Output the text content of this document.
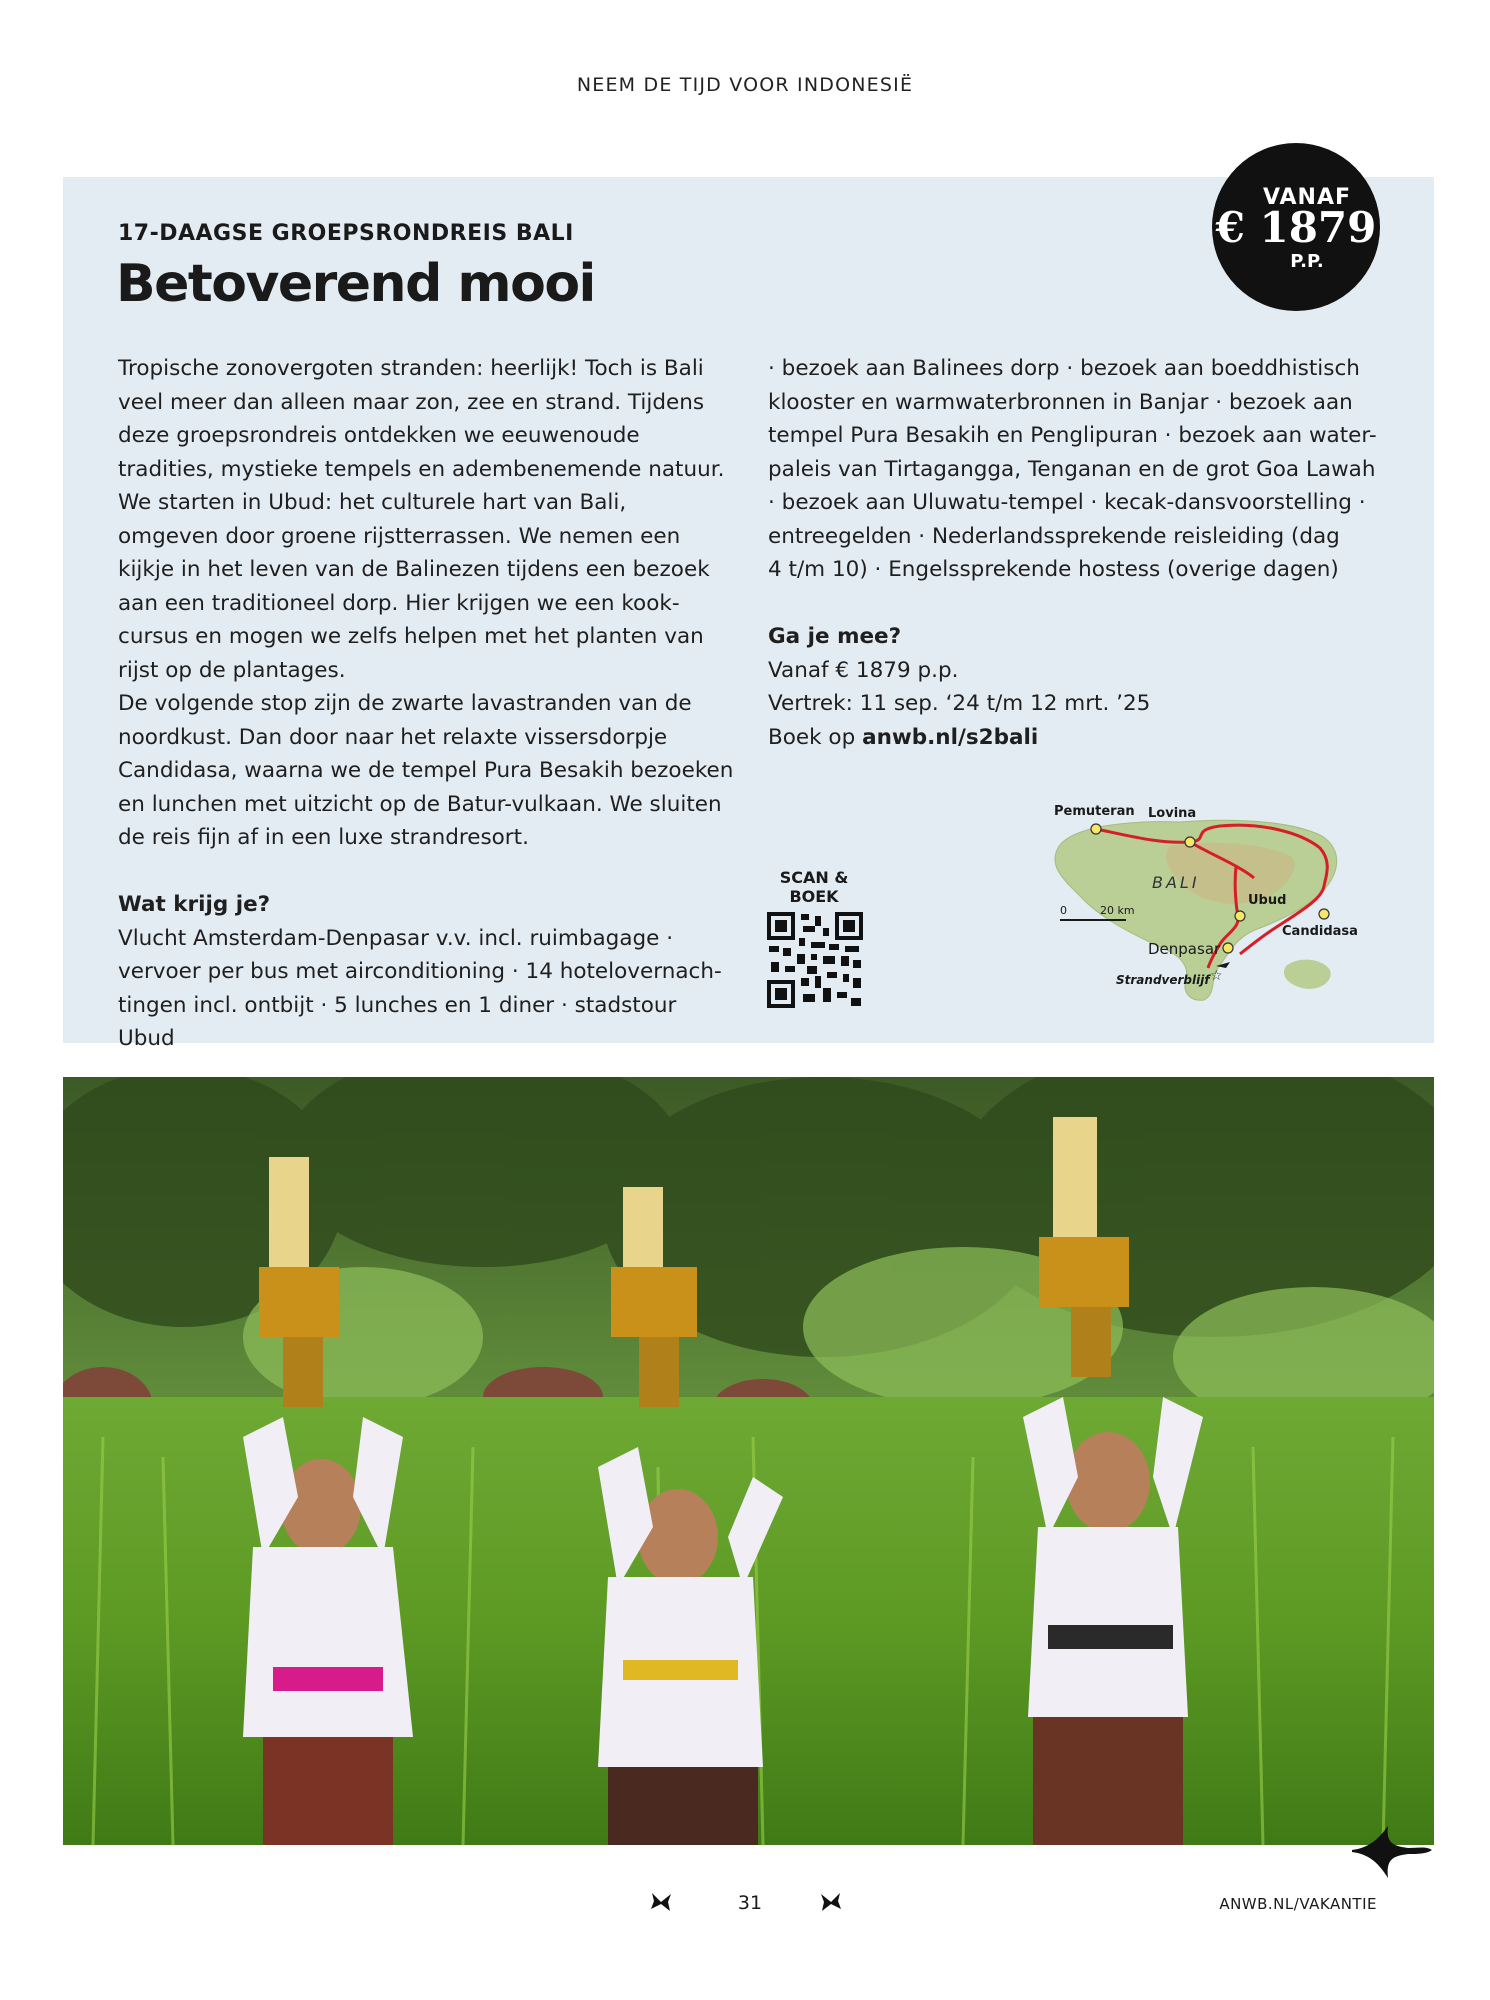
NEEM DE TIJD VOOR INDONESIË
VANAF
€ 1879
P.P.
17-DAAGSE GROEPSRONDREIS BALI
Betoverend mooi

Tropische zonovergoten stranden: heerlijk! Toch is Bali

veel meer dan alleen maar zon, zee en strand. Tijdens

deze groepsrondreis ontdekken we eeuwenoude

tradities, mystieke tempels en adembenemende natuur.

We starten in Ubud: het culturele hart van Bali,

omgeven door groene rijstterrassen. We nemen een

kijkje in het leven van de Balinezen tijdens een bezoek

aan een traditioneel dorp. Hier krijgen we een kook-

cursus en mogen we zelfs helpen met het planten van

rijst op de plantages.

De volgende stop zijn de zwarte lavastranden van de

noordkust. Dan door naar het relaxte vissersdorpje

Candidasa, waarna we de tempel Pura Besakih bezoeken

en lunchen met uitzicht op de Batur-vulkaan. We sluiten

de reis fijn af in een luxe strandresort.

Wat krijg je?

Vlucht Amsterdam-Denpasar v.v. incl. ruimbagage ·

vervoer per bus met airconditioning · 14 hotelovernach-

tingen incl. ontbijt · 5 lunches en 1 diner · stadstour Ubud

· bezoek aan Balinees dorp · bezoek aan boeddhistisch

klooster en warmwaterbronnen in Banjar · bezoek aan

tempel Pura Besakih en Penglipuran · bezoek aan water-

paleis van Tirtagangga, Tenganan en de grot Goa Lawah

· bezoek aan Uluwatu-tempel · kecak-dansvoorstelling ·

entreegelden · Nederlandssprekende reisleiding (dag

4 t/m 10) · Engelssprekende hostess (overige dagen)

Ga je mee?

Vanaf € 1879 p.p.

Vertrek: 11 sep. ‘24 t/m 12 mrt. ’25

Boek op anwb.nl/s2bali

SCAN &
BOEK
☆
Pemuteran Lovina
Ubud
Denpasar
Candidasa
BALI
Strandverblijf
0	20 km
31	ANWB.NL/VAKANTIE
